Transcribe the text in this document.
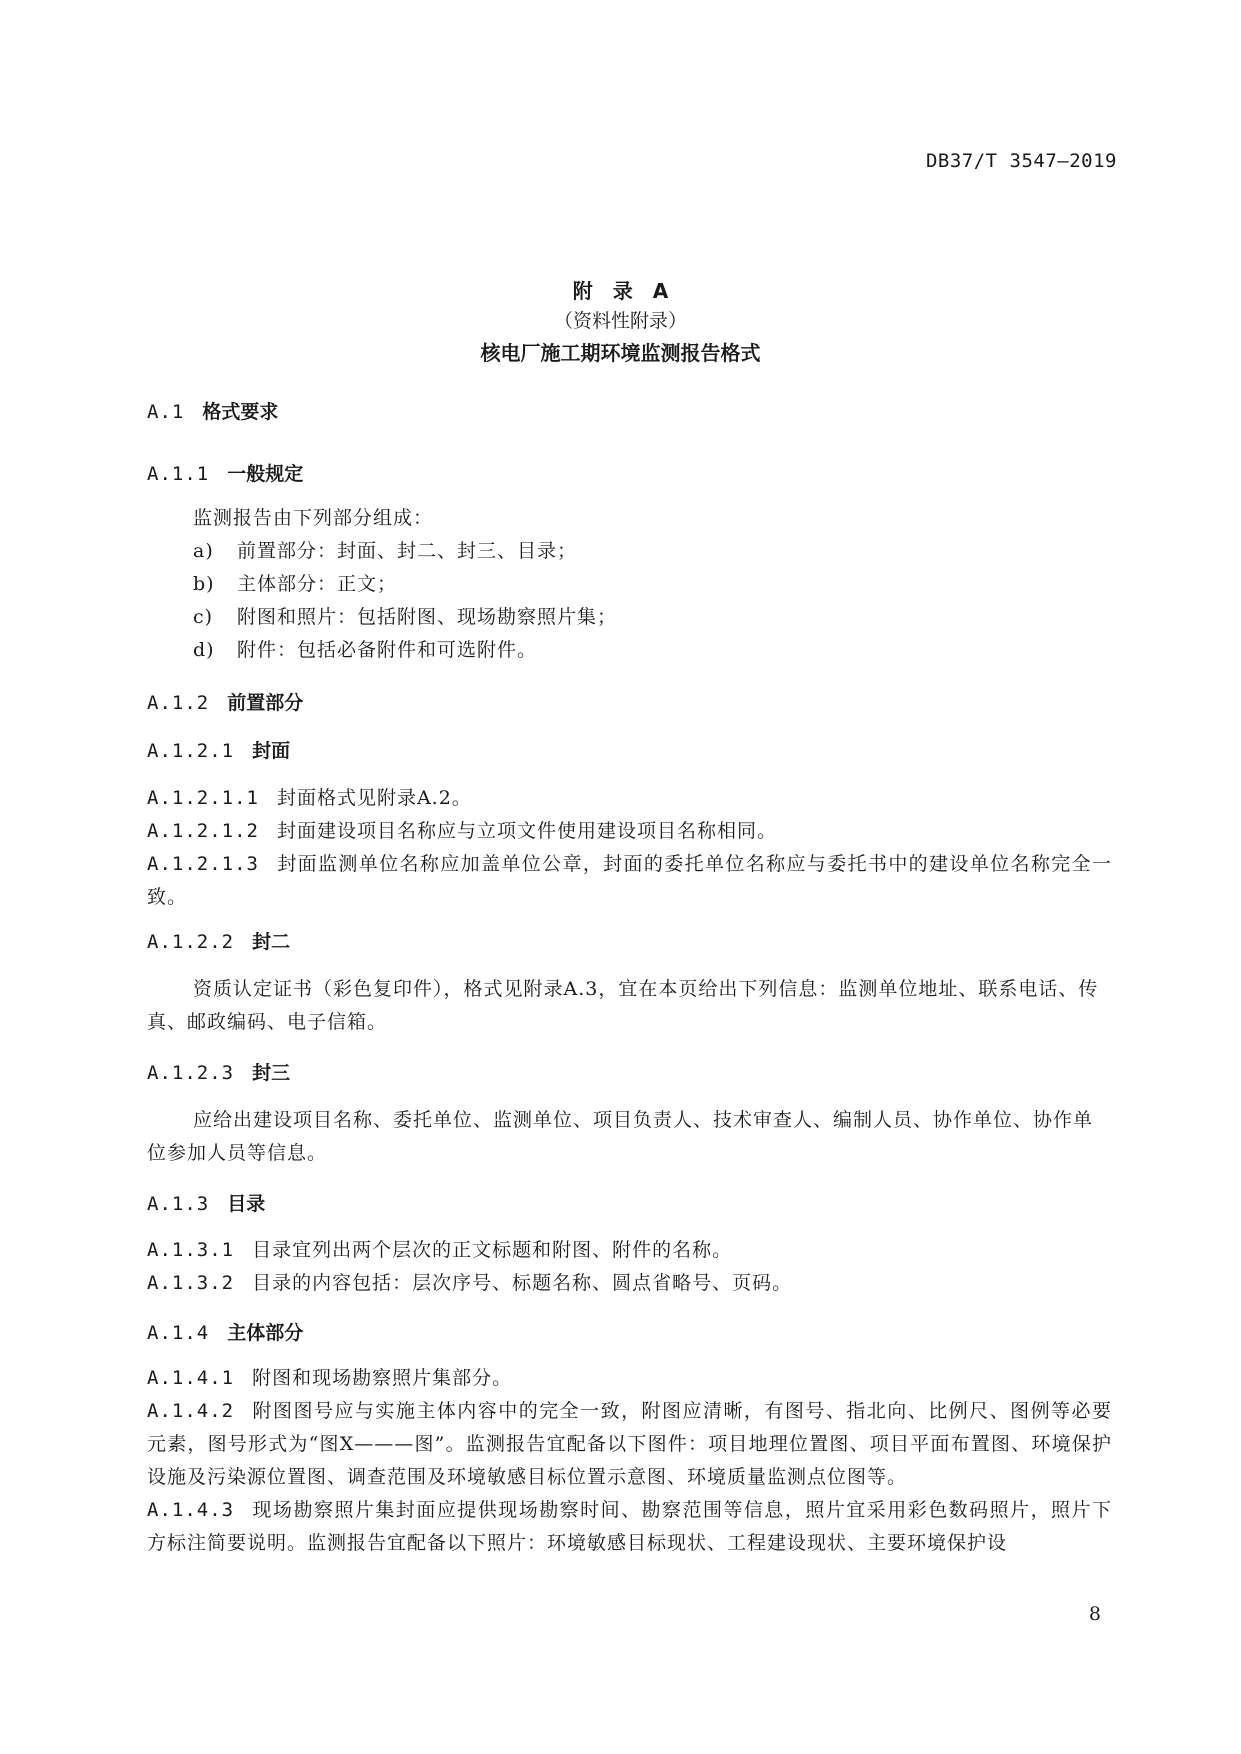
DB37/T 3547—2019
附　录　A
（资料性附录）
核电厂施工期环境监测报告格式
A.1 格式要求
A.1.1 一般规定

监测报告由下列部分组成：

a) 前置部分：封面、封二、封三、目录；

b) 主体部分：正文；

c) 附图和照片：包括附图、现场勘察照片集；

d) 附件：包括必备附件和可选附件。

A.1.2 前置部分
A.1.2.1 封面

A.1.2.1.1 封面格式见附录A.2。

A.1.2.1.2 封面建设项目名称应与立项文件使用建设项目名称相同。

A.1.2.1.3 封面监测单位名称应加盖单位公章，封面的委托单位名称应与委托书中的建设单位名称完全一致。

A.1.2.2 封二

资质认定证书（彩色复印件），格式见附录A.3，宜在本页给出下列信息：监测单位地址、联系电话、传真、邮政编码、电子信箱。

A.1.2.3 封三

应给出建设项目名称、委托单位、监测单位、项目负责人、技术审查人、编制人员、协作单位、协作单位参加人员等信息。

A.1.3 目录

A.1.3.1 目录宜列出两个层次的正文标题和附图、附件的名称。

A.1.3.2 目录的内容包括：层次序号、标题名称、圆点省略号、页码。

A.1.4 主体部分

A.1.4.1 附图和现场勘察照片集部分。

A.1.4.2 附图图号应与实施主体内容中的完全一致，附图应清晰，有图号、指北向、比例尺、图例等必要元素，图号形式为“图X———图”。监测报告宜配备以下图件：项目地理位置图、项目平面布置图、环境保护设施及污染源位置图、调查范围及环境敏感目标位置示意图、环境质量监测点位图等。

A.1.4.3 现场勘察照片集封面应提供现场勘察时间、勘察范围等信息，照片宜采用彩色数码照片，照片下方标注简要说明。监测报告宜配备以下照片：环境敏感目标现状、工程建设现状、主要环境保护设

8
